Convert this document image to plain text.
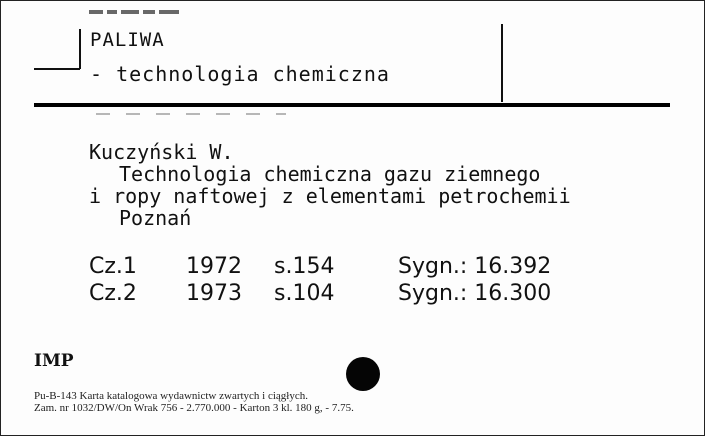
PALIWA

- technologia chemiczna

Kuczyński W.
Technologia chemiczna gazu ziemnego
i ropy naftowej z elementami petrochemii
Poznań
Cz.1	1972	s.154	Sygn.: 16.392
Cz.2	1973	s.104	Sygn.: 16.300
IMP
Pu-B-143 Karta katalogowa wydawnictw zwartych i ciągłych.
Zam. nr 1032/DW/On Wrak 756 - 2.770.000 - Karton 3 kl. 180 g, - 7.75.
